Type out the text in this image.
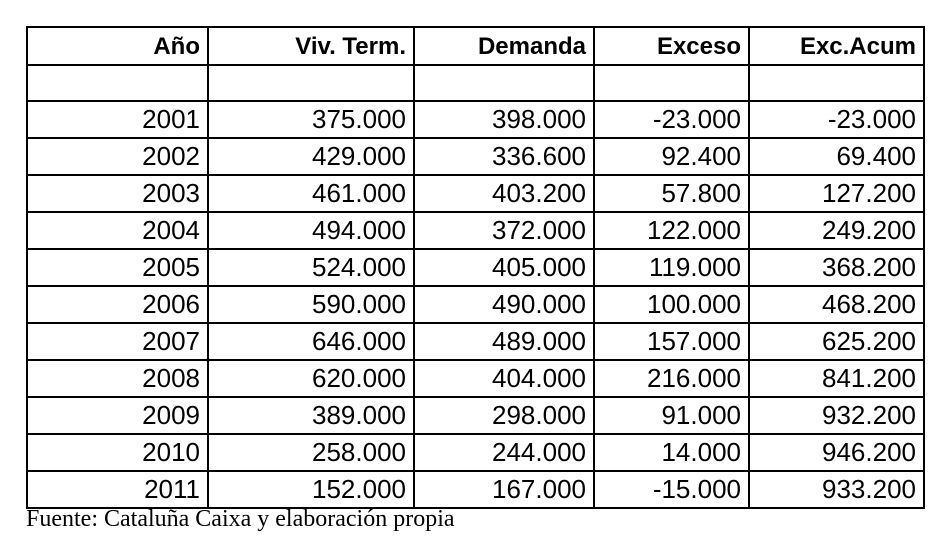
Año	Viv. Term.	Demanda	Exceso	Exc.Acum

2001	375.000	398.000	-23.000	-23.000
2002	429.000	336.600	92.400	69.400
2003	461.000	403.200	57.800	127.200
2004	494.000	372.000	122.000	249.200
2005	524.000	405.000	119.000	368.200
2006	590.000	490.000	100.000	468.200
2007	646.000	489.000	157.000	625.200
2008	620.000	404.000	216.000	841.200
2009	389.000	298.000	91.000	932.200
2010	258.000	244.000	14.000	946.200
2011	152.000	167.000	-15.000	933.200
Fuente: Cataluña Caixa y elaboración propia
